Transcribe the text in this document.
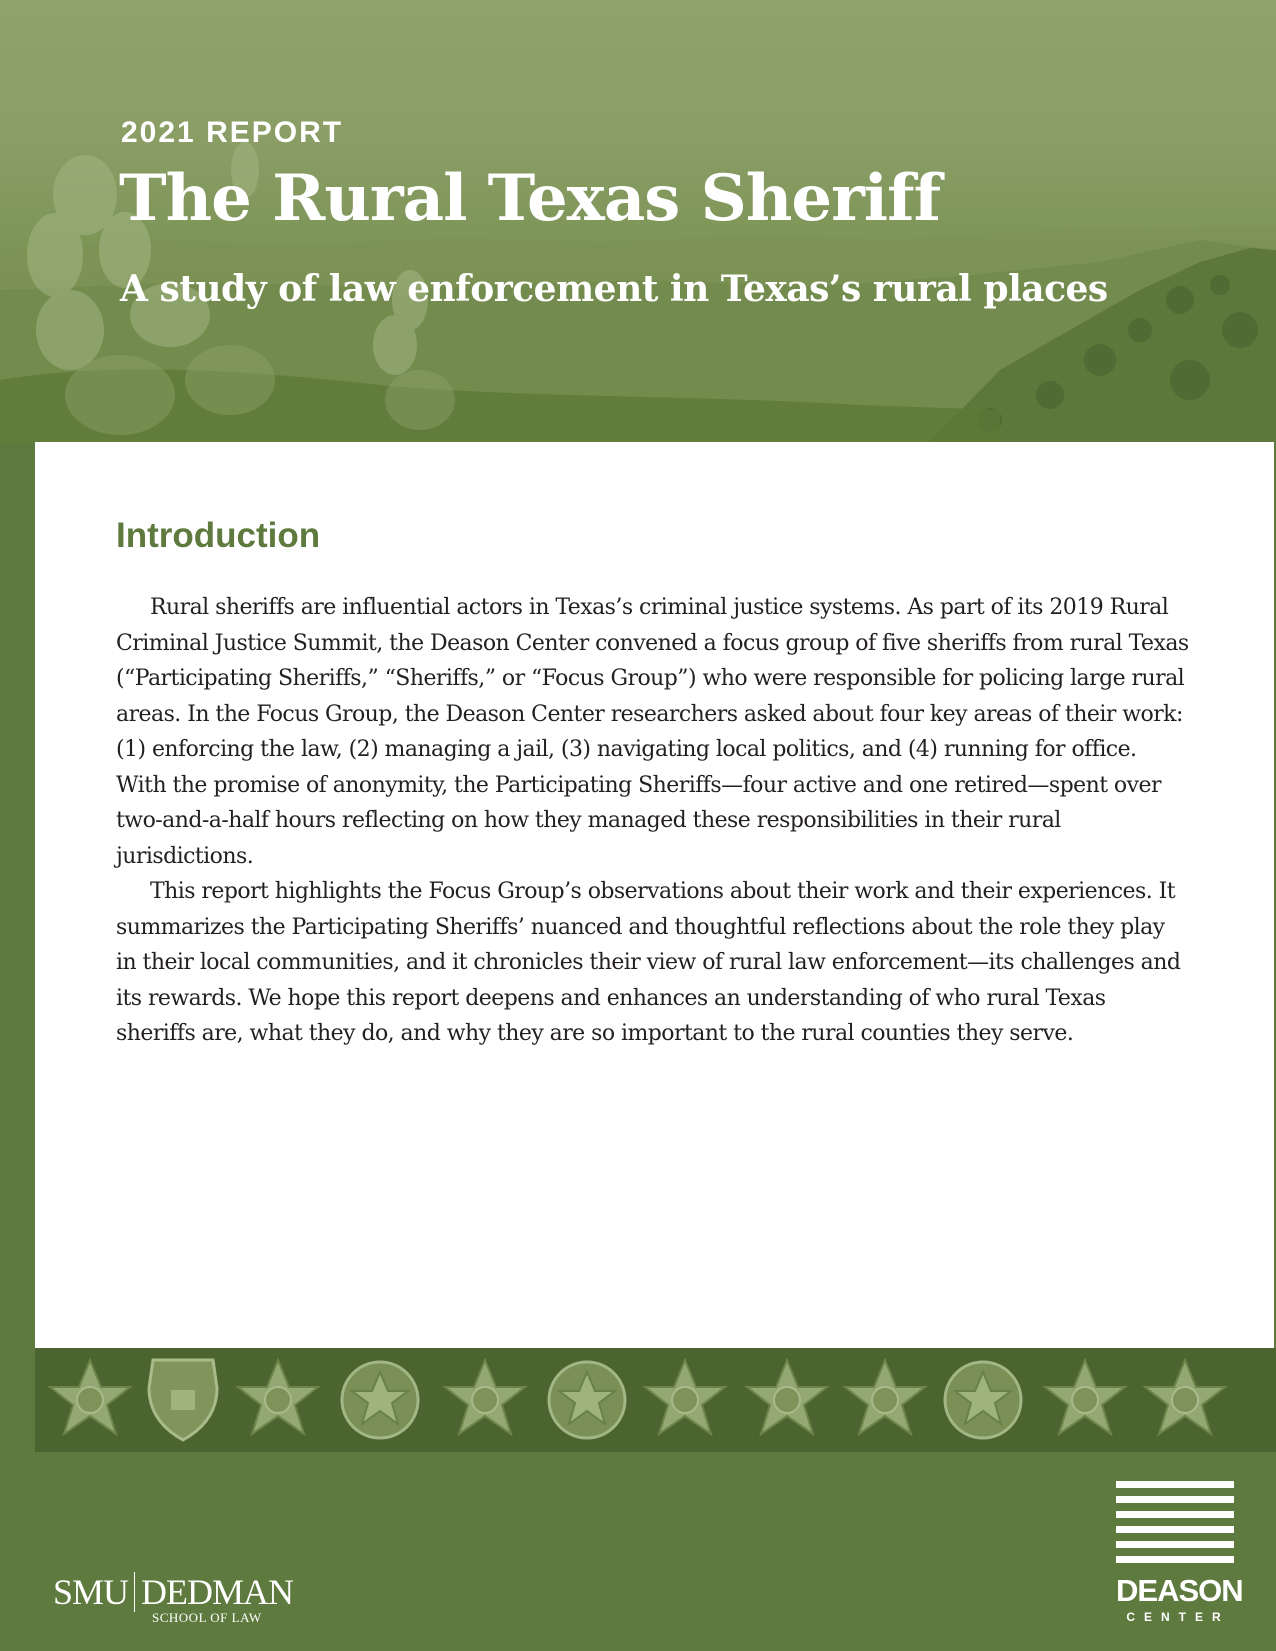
2021 REPORT
The Rural Texas Sheriff
A study of law enforcement in Texas’s rural places
Introduction

Rural sheriffs are influential actors in Texas’s criminal justice systems. As part of its 2019 Rural Criminal Justice Summit, the Deason Center convened a focus group of five sheriffs from rural Texas (“Participating Sheriffs,” “Sheriffs,” or “Focus Group”) who were responsible for policing large rural areas. In the Focus Group, the Deason Center researchers asked about four key areas of their work: (1) enforcing the law, (2) managing a jail, (3) navigating local politics, and (4) running for office. With the promise of anonymity, the Participating Sheriffs—four active and one retired—spent over two-and-a-half hours reflecting on how they managed these responsibilities in their rural jurisdictions.

This report highlights the Focus Group’s observations about their work and their experiences. It summarizes the Participating Sheriffs’ nuanced and thoughtful reflections about the role they play in their local communities, and it chronicles their view of rural law enforcement—its challenges and its rewards. We hope this report deepens and enhances an understanding of who rural Texas sheriffs are, what they do, and why they are so important to the rural counties they serve.

SMU DEDMAN
SCHOOL OF LAW
DEASON
CENTER
